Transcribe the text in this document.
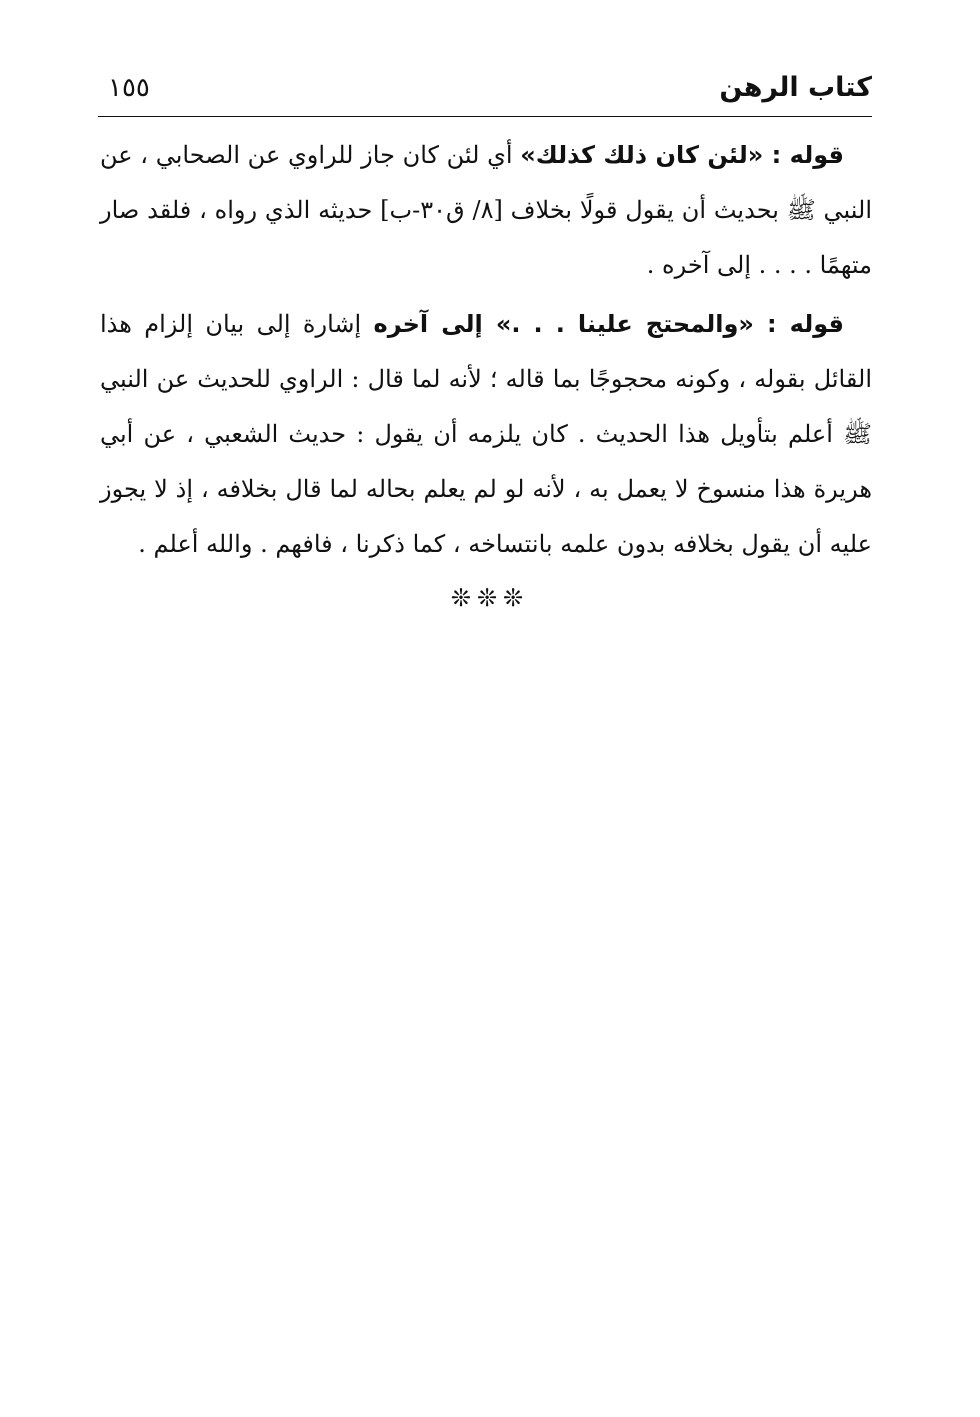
كتاب الرهن
١٥٥

قوله : «لئن كان ذلك كذلك» أي لئن كان جاز للراوي عن الصحابي ، عن النبي ﷺ بحديث أن يقول قولًا بخلاف [٨/ ق٣٠-ب] حديثه الذي رواه ، فلقد صار متهمًا . . . . إلى آخره .

قوله : «والمحتج علينا . . .» إلى آخره إشارة إلى بيان إلزام هذا القائل بقوله ، وكونه محجوجًا بما قاله ؛ لأنه لما قال : الراوي للحديث عن النبي ﷺ أعلم بتأويل هذا الحديث . كان يلزمه أن يقول : حديث الشعبي ، عن أبي هريرة هذا منسوخ لا يعمل به ، لأنه لو لم يعلم بحاله لما قال بخلافه ، إذ لا يجوز عليه أن يقول بخلافه بدون علمه بانتساخه ، كما ذكرنا ، فافهم . والله أعلم .

❊❊❊
